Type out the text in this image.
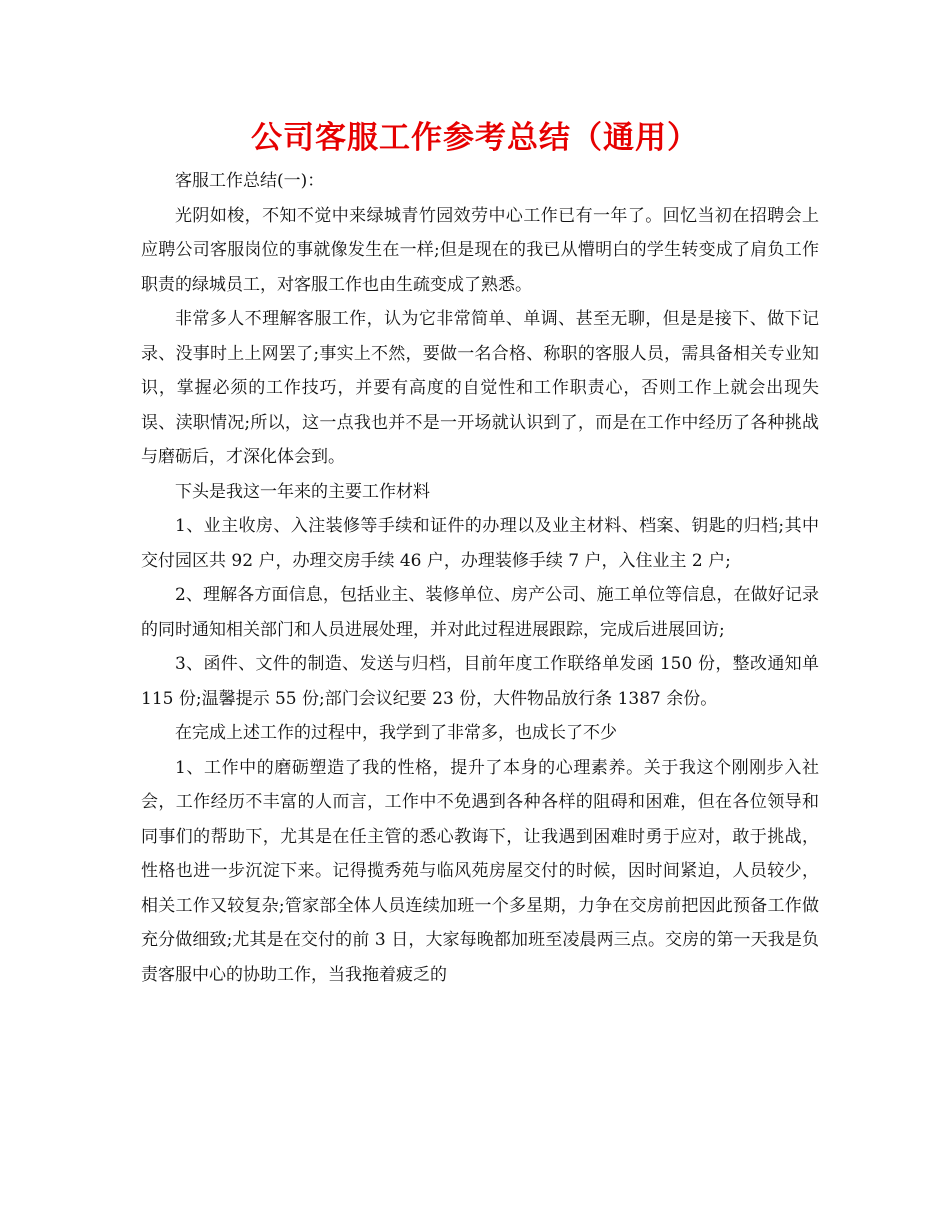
公司客服工作参考总结（通用）

客服工作总结(一)：

光阴如梭，不知不觉中来绿城青竹园效劳中心工作已有一年了。回忆当初在招聘会上应聘公司客服岗位的事就像发生在一样;但是现在的我已从懵明白的学生转变成了肩负工作职责的绿城员工，对客服工作也由生疏变成了熟悉。

非常多人不理解客服工作，认为它非常简单、单调、甚至无聊，但是是接下、做下记录、没事时上上网罢了;事实上不然，要做一名合格、称职的客服人员，需具备相关专业知识，掌握必须的工作技巧，并要有高度的自觉性和工作职责心，否则工作上就会出现失误、渎职情况;所以，这一点我也并不是一开场就认识到了，而是在工作中经历了各种挑战与磨砺后，才深化体会到。

下头是我这一年来的主要工作材料

1、业主收房、入注装修等手续和证件的办理以及业主材料、档案、钥匙的归档;其中交付园区共 92 户，办理交房手续 46 户，办理装修手续 7 户，入住业主 2 户;

2、理解各方面信息，包括业主、装修单位、房产公司、施工单位等信息，在做好记录的同时通知相关部门和人员进展处理，并对此过程进展跟踪，完成后进展回访;

3、函件、文件的制造、发送与归档，目前年度工作联络单发函 150 份，整改通知单 115 份;温馨提示 55 份;部门会议纪要 23 份，大件物品放行条 1387 余份。

在完成上述工作的过程中，我学到了非常多，也成长了不少

1、工作中的磨砺塑造了我的性格，提升了本身的心理素养。关于我这个刚刚步入社会，工作经历不丰富的人而言，工作中不免遇到各种各样的阻碍和困难，但在各位领导和同事们的帮助下，尤其是在任主管的悉心教诲下，让我遇到困难时勇于应对，敢于挑战，性格也进一步沉淀下来。记得揽秀苑与临风苑房屋交付的时候，因时间紧迫，人员较少，相关工作又较复杂;管家部全体人员连续加班一个多星期，力争在交房前把因此预备工作做充分做细致;尤其是在交付的前 3 日，大家每晚都加班至凌晨两三点。交房的第一天我是负责客服中心的协助工作，当我拖着疲乏的
